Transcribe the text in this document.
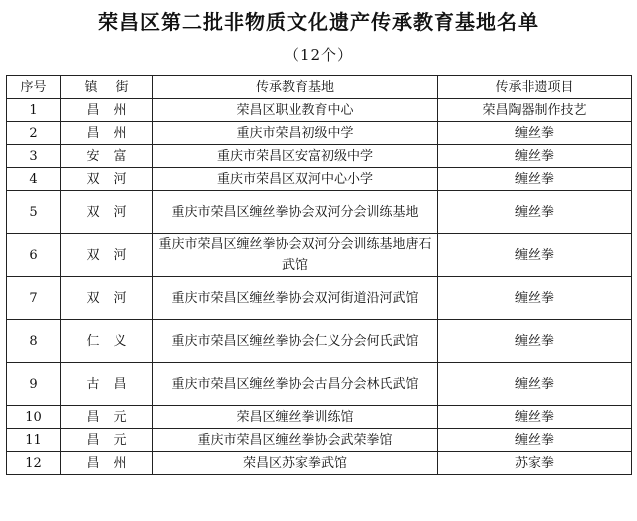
荣昌区第二批非物质文化遗产传承教育基地名单
（12个）
序号	镇街	传承教育基地	传承非遗项目
1	昌州	荣昌区职业教育中心	荣昌陶器制作技艺
2	昌州	重庆市荣昌初级中学	缠丝拳
3	安富	重庆市荣昌区安富初级中学	缠丝拳
4	双河	重庆市荣昌区双河中心小学	缠丝拳
5	双河	重庆市荣昌区缠丝拳协会双河分会训练基地	缠丝拳
6	双河	重庆市荣昌区缠丝拳协会双河分会训练基地唐石武馆	缠丝拳
7	双河	重庆市荣昌区缠丝拳协会双河街道沿河武馆	缠丝拳
8	仁义	重庆市荣昌区缠丝拳协会仁义分会何氏武馆	缠丝拳
9	古昌	重庆市荣昌区缠丝拳协会古昌分会林氏武馆	缠丝拳
10	昌元	荣昌区缠丝拳训练馆	缠丝拳
11	昌元	重庆市荣昌区缠丝拳协会武荣拳馆	缠丝拳
12	昌州	荣昌区苏家拳武馆	苏家拳
